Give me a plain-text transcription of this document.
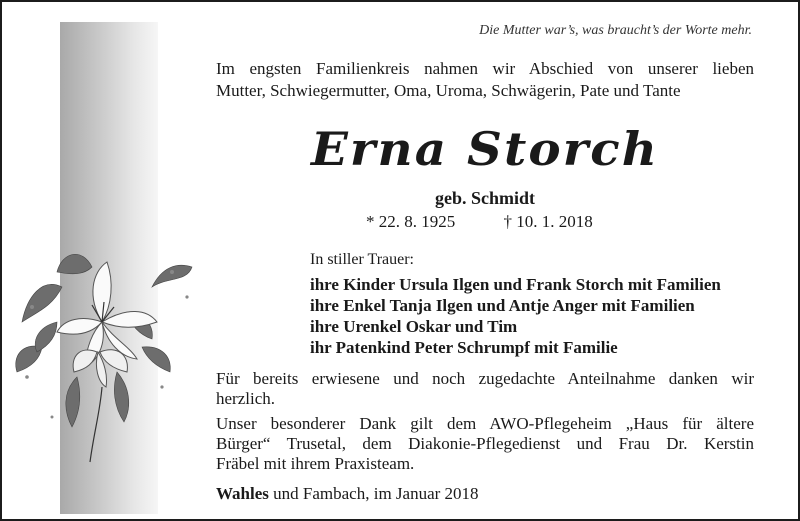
Die Mutter war’s, was braucht’s der Worte mehr.
Im engsten Familienkreis nahmen wir Abschied von unserer lieben
Mutter, Schwiegermutter, Oma, Uroma, Schwägerin, Pate und Tante
Erna Storch
geb. Schmidt
* 22. 8. 1925	† 10. 1. 2018
In stiller Trauer:
ihre Kinder Ursula Ilgen und Frank Storch mit Familien
ihre Enkel Tanja Ilgen und Antje Anger mit Familien
ihre Urenkel Oskar und Tim
ihr Patenkind Peter Schrumpf mit Familie
Für bereits erwiesene und noch zugedachte Anteilnahme danken wir
herzlich.
Unser besonderer Dank gilt dem AWO-Pflegeheim „Haus für ältere
Bürger“ Trusetal, dem Diakonie-Pflegedienst und Frau Dr. Kerstin
Fräbel mit ihrem Praxisteam.
Wahles und Fambach, im Januar 2018
